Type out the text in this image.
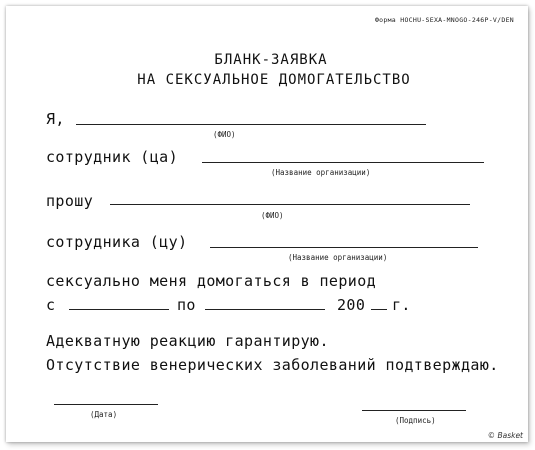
Форма HOCHU-SEXA-MNOGO-246P-V/DEN
БЛАНК-ЗАЯВКА
НА СЕКСУАЛЬНОЕ ДОМОГАТЕЛЬСТВО
Я,
(ФИО)
сотрудник (ца)
(Название организации)
прошу
(ФИО)
сотрудника (цу)
(Название организации)
сексуально меня домогаться в период
с	по	200 г.
Адекватную реакцию гарантирую.
Отсутствие венерических заболеваний подтверждаю.
(Дата)
(Подпись)
© Basket
